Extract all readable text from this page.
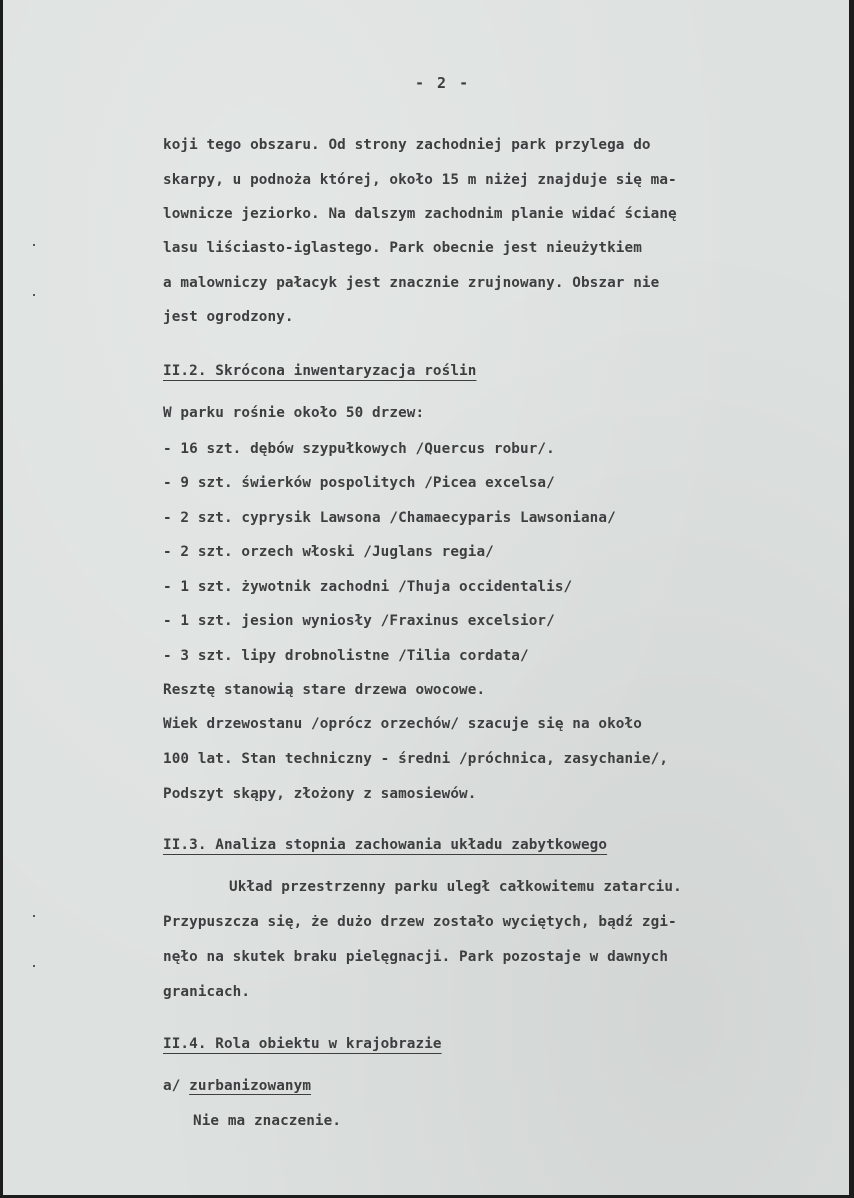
- 2 -
koji tego obszaru. Od strony zachodniej park przylega do
skarpy, u podnoża której, około 15 m niżej znajduje się ma-
lownicze jeziorko. Na dalszym zachodnim planie widać ścianę
lasu liściasto-iglastego. Park obecnie jest nieużytkiem
a malowniczy pałacyk jest znacznie zrujnowany. Obszar nie
jest ogrodzony.
II.2. Skrócona inwentaryzacja roślin
W parku rośnie około 50 drzew:
- 16 szt. dębów szypułkowych /Quercus robur/.
- 9 szt. świerków pospolitych /Picea excelsa/
- 2 szt. cyprysik Lawsona /Chamaecyparis Lawsoniana/
- 2 szt. orzech włoski /Juglans regia/
- 1 szt. żywotnik zachodni /Thuja occidentalis/
- 1 szt. jesion wyniosły /Fraxinus excelsior/
- 3 szt. lipy drobnolistne /Tilia cordata/
Resztę stanowią stare drzewa owocowe.
Wiek drzewostanu /oprócz orzechów/ szacuje się na około
100 lat. Stan techniczny - średni /próchnica, zasychanie/,
Podszyt skąpy, złożony z samosiewów.
II.3. Analiza stopnia zachowania układu zabytkowego
Układ przestrzenny parku uległ całkowitemu zatarciu.
Przypuszcza się, że dużo drzew zostało wyciętych, bądź zgi-
nęło na skutek braku pielęgnacji. Park pozostaje w dawnych
granicach.
II.4. Rola obiektu w krajobrazie
a/ zurbanizowanym
Nie ma znaczenie.
